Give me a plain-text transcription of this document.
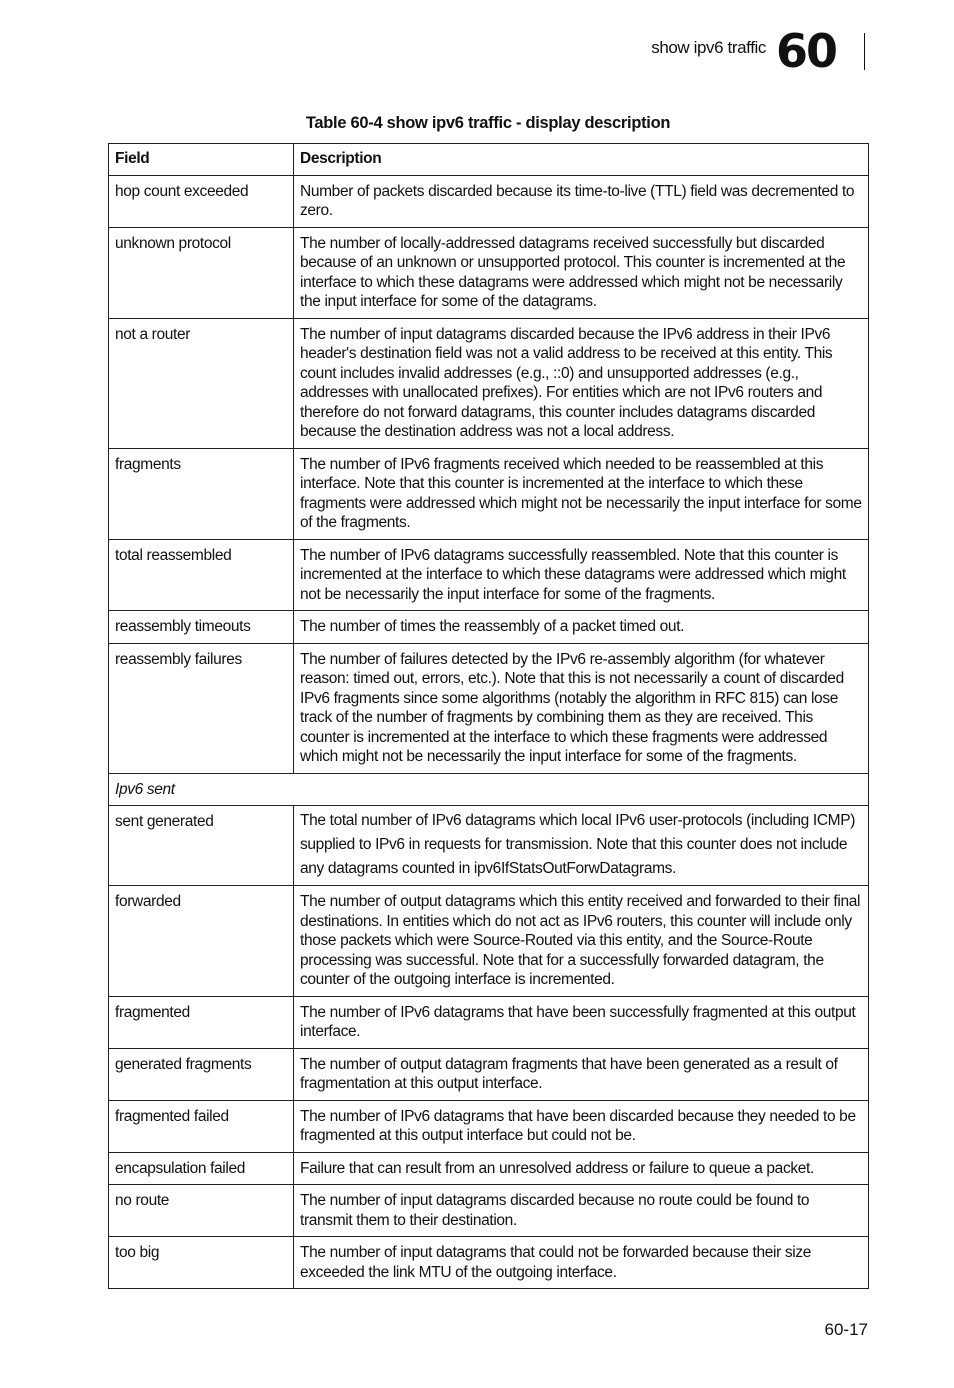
show ipv6 traffic 60
Table 60-4 show ipv6 traffic - display description
Field	Description
hop count exceeded	Number of packets discarded because its time-to-live (TTL) field was decremented to zero.
unknown protocol	The number of locally-addressed datagrams received successfully but discarded because of an unknown or unsupported protocol. This counter is incremented at the interface to which these datagrams were addressed which might not be necessarily the input interface for some of the datagrams.
not a router	The number of input datagrams discarded because the IPv6 address in their IPv6 header's destination field was not a valid address to be received at this entity. This count includes invalid addresses (e.g., ::0) and unsupported addresses (e.g., addresses with unallocated prefixes). For entities which are not IPv6 routers and therefore do not forward datagrams, this counter includes datagrams discarded because the destination address was not a local address.
fragments	The number of IPv6 fragments received which needed to be reassembled at this interface. Note that this counter is incremented at the interface to which these fragments were addressed which might not be necessarily the input interface for some of the fragments.
total reassembled	The number of IPv6 datagrams successfully reassembled. Note that this counter is incremented at the interface to which these datagrams were addressed which might not be necessarily the input interface for some of the fragments.
reassembly timeouts	The number of times the reassembly of a packet timed out.
reassembly failures	The number of failures detected by the IPv6 re-assembly algorithm (for whatever reason: timed out, errors, etc.). Note that this is not necessarily a count of discarded IPv6 fragments since some algorithms (notably the algorithm in RFC 815) can lose track of the number of fragments by combining them as they are received. This counter is incremented at the interface to which these fragments were addressed which might not be necessarily the input interface for some of the fragments.
Ipv6 sent	
sent generated	The total number of IPv6 datagrams which local IPv6 user-protocols (including ICMP) supplied to IPv6 in requests for transmission. Note that this counter does not include any datagrams counted in ipv6IfStatsOutForwDatagrams.
forwarded	The number of output datagrams which this entity received and forwarded to their final destinations. In entities which do not act as IPv6 routers, this counter will include only those packets which were Source-Routed via this entity, and the Source-Route processing was successful. Note that for a successfully forwarded datagram, the counter of the outgoing interface is incremented.
fragmented	The number of IPv6 datagrams that have been successfully fragmented at this output interface.
generated fragments	The number of output datagram fragments that have been generated as a result of fragmentation at this output interface.
fragmented failed	The number of IPv6 datagrams that have been discarded because they needed to be fragmented at this output interface but could not be.
encapsulation failed	Failure that can result from an unresolved address or failure to queue a packet.
no route	The number of input datagrams discarded because no route could be found to transmit them to their destination.
too big	The number of input datagrams that could not be forwarded because their size exceeded the link MTU of the outgoing interface.
60-17
